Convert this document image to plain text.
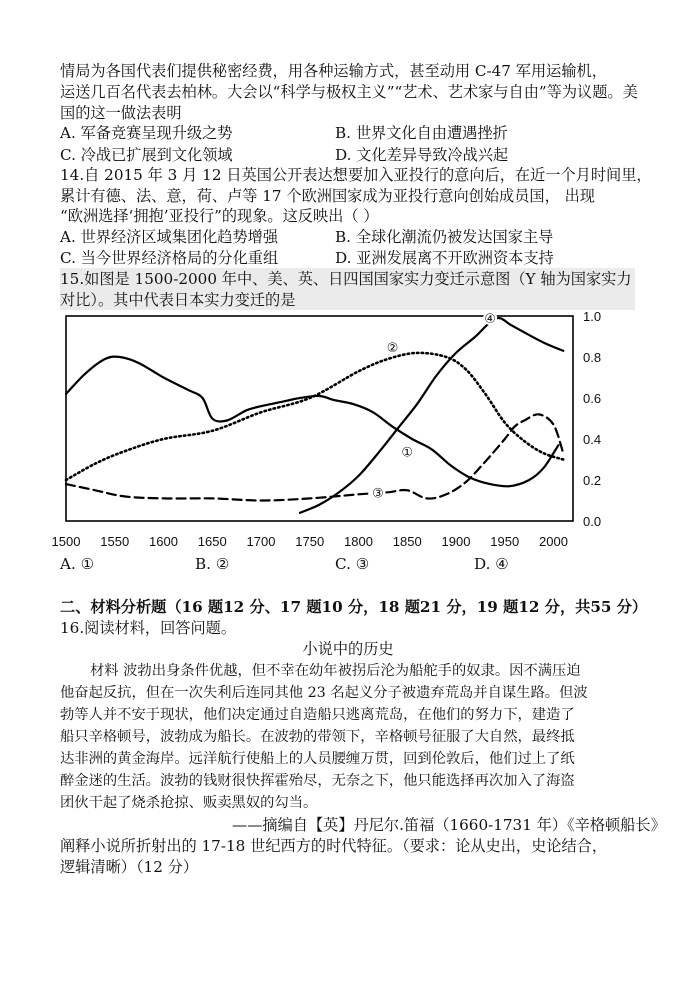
情局为各国代表们提供秘密经费，用各种运输方式，甚至动用 C-47 军用运输机，
运送几百名代表去柏林。大会以“科学与极权主义”“艺术、艺术家与自由”等为议题。美
国的这一做法表明
A. 军备竞赛呈现升级之势	B. 世界文化自由遭遇挫折
C. 冷战已扩展到文化领域	D. 文化差异导致冷战兴起
14.自 2015 年 3 月 12 日英国公开表达想要加入亚投行的意向后，在近一个月时间里，
累计有德、法、意，荷、卢等 17 个欧洲国家成为亚投行意向创始成员国， 出现
“欧洲选择‘拥抱’亚投行”的现象。这反映出（ ）
A. 世界经济区域集团化趋势增强	B. 全球化潮流仍被发达国家主导
C. 当今世界经济格局的分化重组	D. 亚洲发展离不开欧洲资本支持
15.如图是 1500-2000 年中、美、英、日四国国家实力变迁示意图（Y 轴为国家实力
对比）。其中代表日本实力变迁的是
1500 1550 1600 1650 1700 1750 1800 1850 1900 1950 2000
1.0
0.8
0.6
0.4
0.2
0.0
①
②
③
④
A. ①	B. ②	C. ③	D. ④
二、材料分析题（16 题12 分、17 题10 分，18 题21 分，19 题12 分，共55 分）
16.阅读材料，回答问题。
小说中的历史
材料 波勃出身条件优越，但不幸在幼年被拐后沦为船舵手的奴隶。因不满压迫
他奋起反抗，但在一次失利后连同其他 23 名起义分子被遗弃荒岛并自谋生路。但波
勃等人并不安于现状，他们决定通过自造船只逃离荒岛，在他们的努力下，建造了
船只辛格顿号，波勃成为船长。在波勃的带领下，辛格顿号征服了大自然，最终抵
达非洲的黄金海岸。远洋航行使船上的人员腰缠万贯，回到伦敦后，他们过上了纸
醉金迷的生活。波勃的钱财很快挥霍殆尽，无奈之下，他只能选择再次加入了海盗
团伙干起了烧杀抢掠、贩卖黑奴的勾当。
——摘编自【英】丹尼尔.笛福（1660-1731 年）《辛格顿船长》
阐释小说所折射出的 17-18 世纪西方的时代特征。（要求：论从史出，史论结合，
逻辑清晰）（12 分）
